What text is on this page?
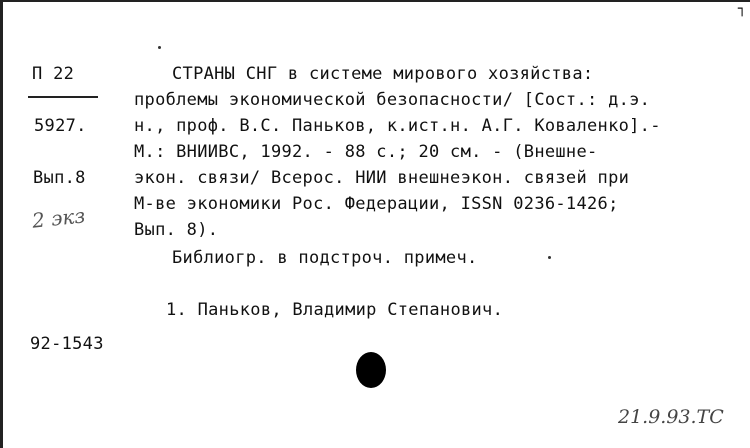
┐
П 22
5927.
Вып.8
2 экз
СТРАНЫ СНГ в системе мирового хозяйства:
проблемы экономической безопасности/ [Сост.: д.э.
н., проф. В.С. Паньков, к.ист.н. А.Г. Коваленко].-
М.: ВНИИВС, 1992. - 88 с.; 20 см. - (Внешне-
экон. связи/ Всерос. НИИ внешнеэкон. связей при
М-ве экономики Рос. Федерации, ISSN 0236-1426;
Вып. 8).
Библиогр. в подстроч. примеч.
1. Паньков, Владимир Степанович.
92-1543
21.9.93.ТС
